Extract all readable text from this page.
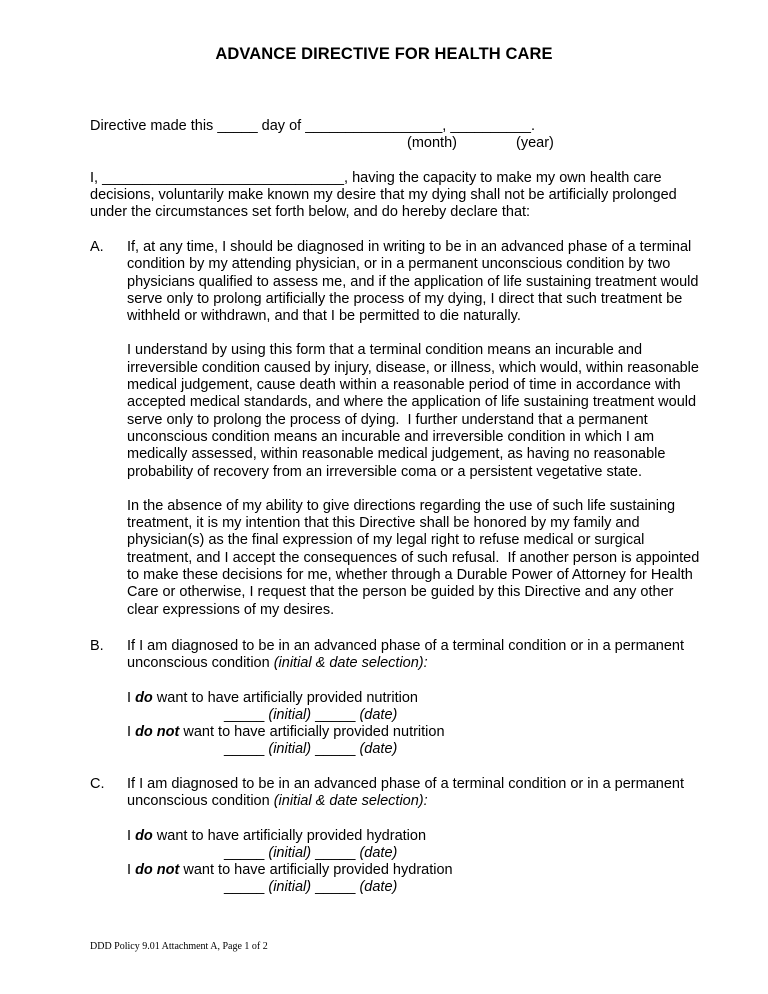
ADVANCE DIRECTIVE FOR HEALTH CARE
Directive made this _____ day of _________________, __________.
(month)	(year)
I, ______________________________, having the capacity to make my own health care
decisions, voluntarily make known my desire that my dying shall not be artificially prolonged
under the circumstances set forth below, and do hereby declare that:
A. If, at any time, I should be diagnosed in writing to be in an advanced phase of a terminal
condition by my attending physician, or in a permanent unconscious condition by two
physicians qualified to assess me, and if the application of life sustaining treatment would
serve only to prolong artificially the process of my dying, I direct that such treatment be
withheld or withdrawn, and that I be permitted to die naturally.
I understand by using this form that a terminal condition means an incurable and
irreversible condition caused by injury, disease, or illness, which would, within reasonable
medical judgement, cause death within a reasonable period of time in accordance with
accepted medical standards, and where the application of life sustaining treatment would
serve only to prolong the process of dying.  I further understand that a permanent
unconscious condition means an incurable and irreversible condition in which I am
medically assessed, within reasonable medical judgement, as having no reasonable
probability of recovery from an irreversible coma or a persistent vegetative state.
In the absence of my ability to give directions regarding the use of such life sustaining
treatment, it is my intention that this Directive shall be honored by my family and
physician(s) as the final expression of my legal right to refuse medical or surgical
treatment, and I accept the consequences of such refusal.  If another person is appointed
to make these decisions for me, whether through a Durable Power of Attorney for Health
Care or otherwise, I request that the person be guided by this Directive and any other
clear expressions of my desires.
B. If I am diagnosed to be in an advanced phase of a terminal condition or in a permanent
unconscious condition (initial & date selection):
I do want to have artificially provided nutrition
_____ (initial) _____ (date)
I do not want to have artificially provided nutrition
_____ (initial) _____ (date)
C. If I am diagnosed to be in an advanced phase of a terminal condition or in a permanent
unconscious condition (initial & date selection):
I do want to have artificially provided hydration
_____ (initial) _____ (date)
I do not want to have artificially provided hydration
_____ (initial) _____ (date)
DDD Policy 9.01 Attachment A, Page 1 of 2
